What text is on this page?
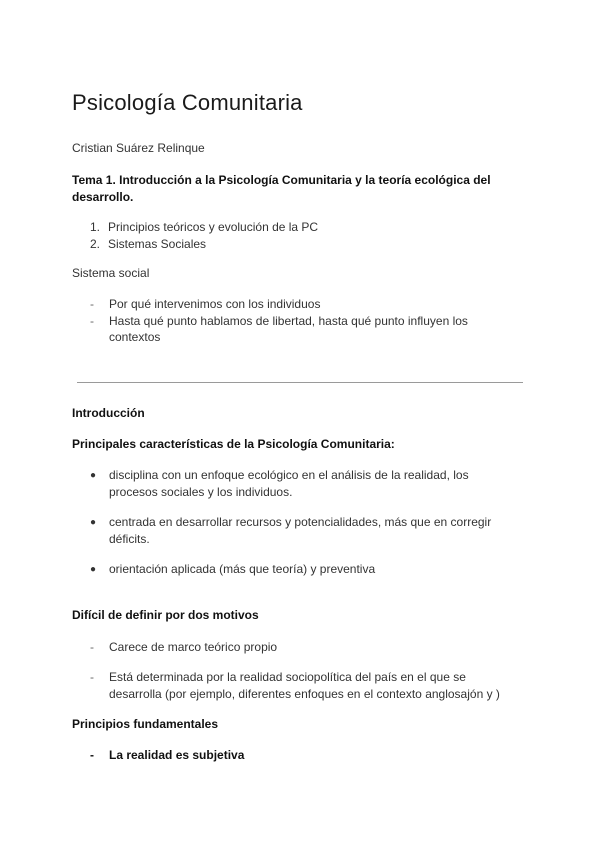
Psicología Comunitaria
Cristian Suárez Relinque
Tema 1. Introducción a la Psicología Comunitaria y la teoría ecológica del desarrollo.
1. Principios teóricos y evolución de la PC
2. Sistemas Sociales
Sistema social
-	Por qué intervenimos con los individuos
-	Hasta qué punto hablamos de libertad, hasta qué punto influyen los contextos
Introducción
Principales características de la Psicología Comunitaria:
●	disciplina con un enfoque ecológico en el análisis de la realidad, los procesos sociales y los individuos.
●	centrada en desarrollar recursos y potencialidades, más que en corregir déficits.
●	orientación aplicada (más que teoría) y preventiva
Difícil de definir por dos motivos
-	Carece de marco teórico propio
-	Está determinada por la realidad sociopolítica del país en el que se desarrolla (por ejemplo, diferentes enfoques en el contexto anglosajón y )
Principios fundamentales
-	La realidad es subjetiva
